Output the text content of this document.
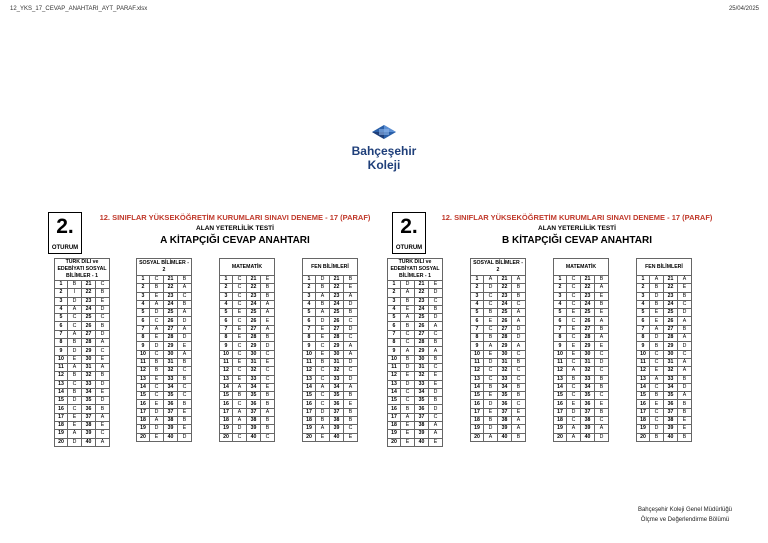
12_YKS_17_CEVAP_ANAHTARI_AYT_PARAF.xlsx	25/04/2025
Bahçeşehir
Koleji
2.
OTURUM
12. SINIFLAR YÜKSEKÖĞRETİM KURUMLARI SINAVI DENEME - 17 (PARAF)
ALAN YETERLİLİK TESTİ
A KİTAPÇIĞI CEVAP ANAHTARI
2.
OTURUM
12. SINIFLAR YÜKSEKÖĞRETİM KURUMLARI SINAVI DENEME - 17 (PARAF)
ALAN YETERLİLİK TESTİ
B KİTAPÇIĞI CEVAP ANAHTARI
TÜRK DİLİ ve EDEBİYATI SOSYAL BİLİMLER - 1			
1	B	21	C
2	İ	22	B
3	D	23	E
4	A	24	D
5	C	25	C
6	C	26	B
7	A	27	D
8	B	28	A
9	D	29	C
10	E	30	E
11	A	31	A
12	B	32	B
13	C	33	D
14	B	34	E
15	D	35	D
16	C	36	B
17	E	37	A
18	E	38	E
19	A	39	C
20	D	40	A
SOSYAL BİLİMLER - 2			
1	C	21	B
2	B	22	A
3	E	23	C
4	A	24	B
5	D	25	A
6	C	26	D
7	A	27	A
8	E	28	D
9	D	29	E
10	C	30	A
11	B	31	B
12	B	32	C
13	E	33	B
14	C	34	C
15	C	35	C
16	E	36	B
17	D	37	E
18	A	38	B
19	D	39	E
20	E	40	D
MATEMATİK			
1	C	21	E
2	C	22	B
3	C	23	B
4	C	24	A
5	E	25	A
6	C	26	E
7	E	27	A
8	E	28	B
9	C	29	D
10	C	30	C
11	E	31	E
12	C	32	C
13	E	33	C
14	A	34	E
15	B	35	B
16	C	36	B
17	A	37	A
18	A	38	B
19	D	39	B
20	C	40	C
FEN BİLİMLERİ			
1	D	21	B
2	B	22	E
3	A	23	A
4	B	24	D
5	A	25	B
6	D	26	C
7	E	27	D
8	E	28	C
9	C	29	A
10	E	30	A
11	B	31	D
12	C	32	C
13	C	33	D
14	A	34	A
15	C	35	B
16	C	36	E
17	D	37	B
18	B	38	B
19	A	39	C
20	E	40	E
TÜRK DİLİ ve EDEBİYATI SOSYAL BİLİMLER - 1			
1	D	21	E
2	A	22	D
3	B	23	C
4	E	24	B
5	A	25	D
6	B	26	A
7	C	27	C
8	C	28	B
9	A	29	A
10	B	30	B
11	D	31	C
12	E	32	E
13	D	33	E
14	C	34	D
15	C	35	B
16	B	36	D
17	A	37	C
18	E	38	A
19	E	39	A
20	E	40	E
SOSYAL BİLİMLER - 2			
1	A	21	A
2	D	22	B
3	C	23	B
4	C	24	C
5	B	25	A
6	E	26	A
7	C	27	D
8	B	28	D
9	A	29	A
10	E	30	C
11	D	31	B
12	C	32	C
13	C	33	C
14	B	34	B
15	E	35	B
16	D	36	C
17	E	37	E
18	B	38	A
19	D	39	A
20	A	40	B
MATEMATİK			
1	C	21	B
2	C	22	A
3	C	23	E
4	C	24	B
5	E	25	E
6	C	26	A
7	E	27	B
8	C	28	A
9	E	29	E
10	E	30	C
11	C	31	D
12	A	32	C
13	B	33	B
14	C	34	B
15	C	35	C
16	E	36	E
17	D	37	B
18	C	38	C
19	A	39	A
20	A	40	D
FEN BİLİMLERİ			
1	A	21	A
2	B	22	E
3	D	23	B
4	B	24	C
5	E	25	D
6	E	26	A
7	A	27	B
8	D	28	A
9	B	29	D
10	C	30	C
11	C	31	A
12	E	32	A
13	A	33	B
14	C	34	D
15	B	35	A
16	E	36	B
17	C	37	B
18	C	38	E
19	D	39	E
20	B	40	B
Bahçeşehir Koleji Genel Müdürlüğü
Ölçme ve Değerlendirme Bölümü
